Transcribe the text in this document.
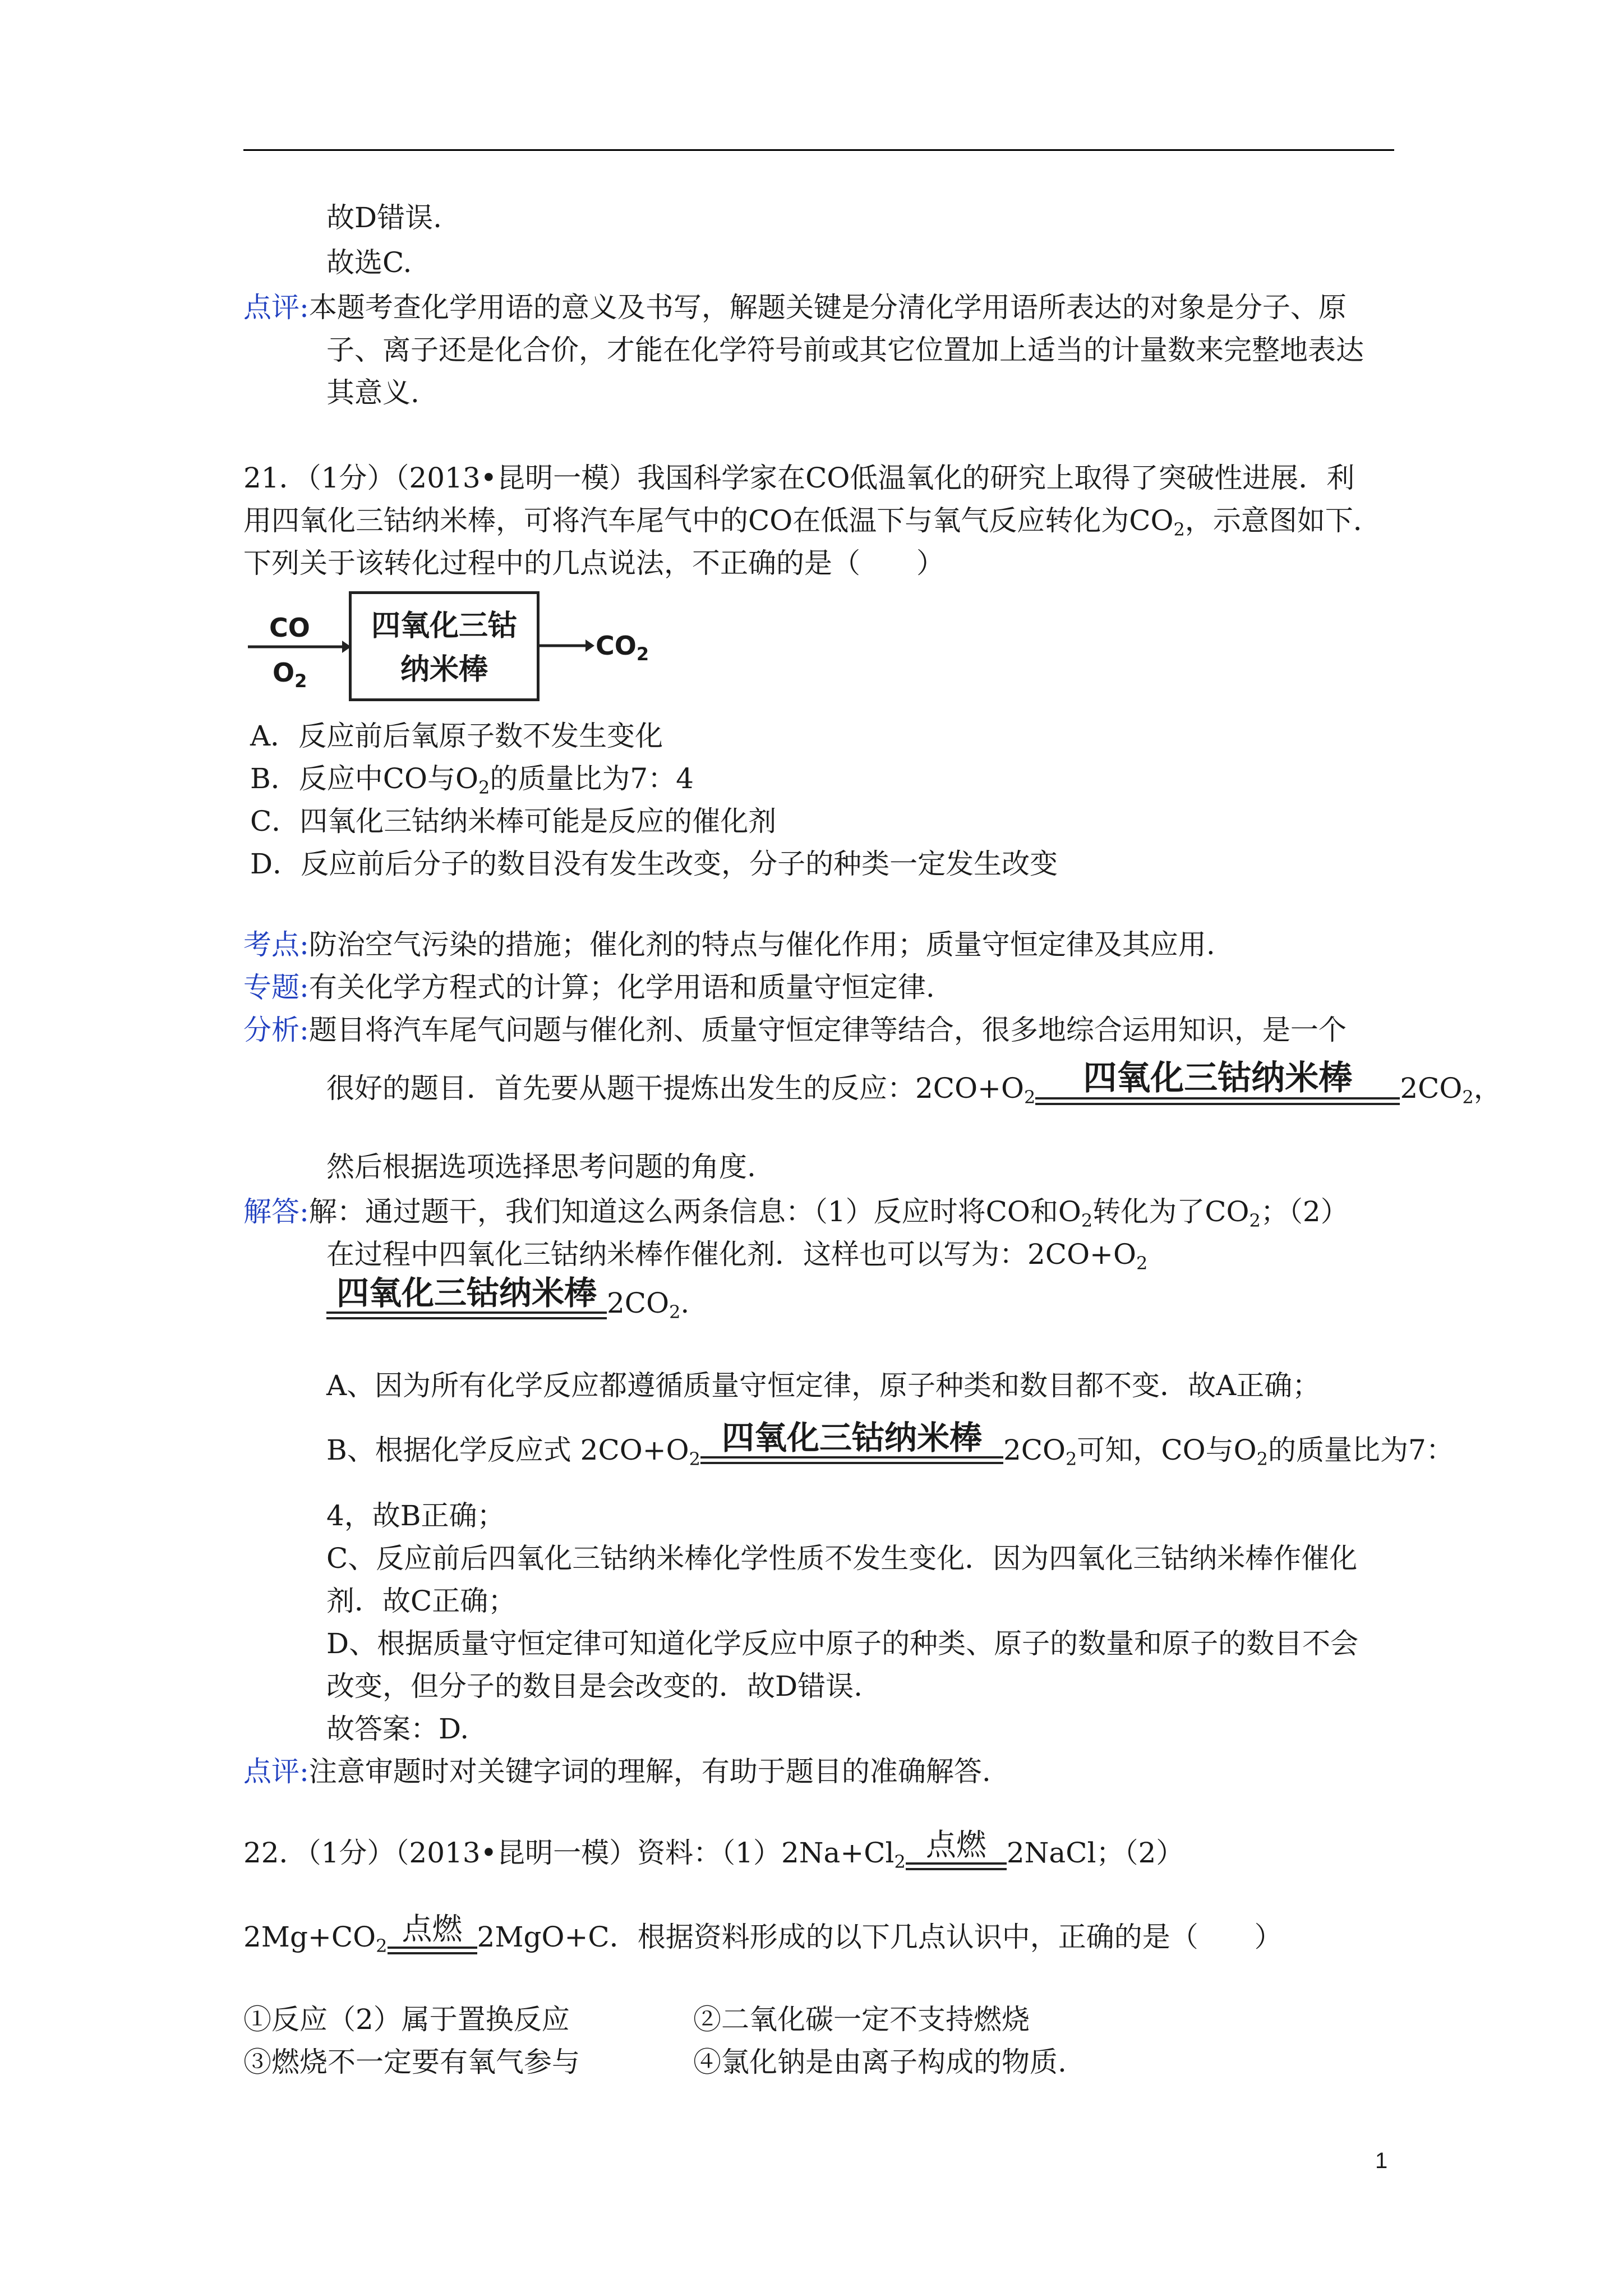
故D错误.
故选C.
点评:本题考查化学用语的意义及书写，解题关键是分清化学用语所表达的对象是分子、原
子、离子还是化合价，才能在化学符号前或其它位置加上适当的计量数来完整地表达
其意义.
21．（1分）（2013•昆明一模）我国科学家在CO低温氧化的研究上取得了突破性进展．利
用四氧化三钴纳米棒，可将汽车尾气中的CO在低温下与氧气反应转化为$CO_2$，示意图如下．
下列关于该转化过程中的几点说法，不正确的是（　　）
CO
$O_2$
四氧化三钴
纳米棒
$CO_2$
A．反应前后氧原子数不发生变化
B．反应中CO与$O_2$的质量比为7：4
C．四氧化三钴纳米棒可能是反应的催化剂
D．反应前后分子的数目没有发生改变，分子的种类一定发生改变
考点:防治空气污染的措施；催化剂的特点与催化作用；质量守恒定律及其应用.
专题:有关化学方程式的计算；化学用语和质量守恒定律.
分析:题目将汽车尾气问题与催化剂、质量守恒定律等结合，很多地综合运用知识，是一个
很好的题目．首先要从题干提炼出发生的反应：$2CO+O_2$	四氧化三钴纳米棒	$2CO_2$，
然后根据选项选择思考问题的角度.
解答:解：通过题干，我们知道这么两条信息：（1）反应时将CO和$O_2$转化为了$CO_2$；（2）
在过程中四氧化三钴纳米棒作催化剂．这样也可以写为：$2CO+O_2$
四氧化三钴纳米棒 $2CO_2$.
A、因为所有化学反应都遵循质量守恒定律，原子种类和数目都不变．故A正确；
B、根据化学反应式 $2CO+O_2$
四氧化三钴纳米棒 $2CO_2$可知，CO与$O_2$的质量比为7：
4，故B正确；
C、反应前后四氧化三钴纳米棒化学性质不发生变化．因为四氧化三钴纳米棒作催化
剂．故C正确；
D、根据质量守恒定律可知道化学反应中原子的种类、原子的数量和原子的数目不会
改变，但分子的数目是会改变的．故D错误.
故答案：D.
点评:注意审题时对关键字词的理解，有助于题目的准确解答.
22．（1分）（2013•昆明一模）资料：$(1)2Na+Cl_2$ 点燃 2NaCl；（2）
$2Mg+CO_2$ 点燃 2MgO+C．根据资料形成的以下几点认识中，正确的是（　　）
①反应（2）属于置换反应	②二氧化碳一定不支持燃烧
③燃烧不一定要有氧气参与	④氯化钠是由离子构成的物质.
1
